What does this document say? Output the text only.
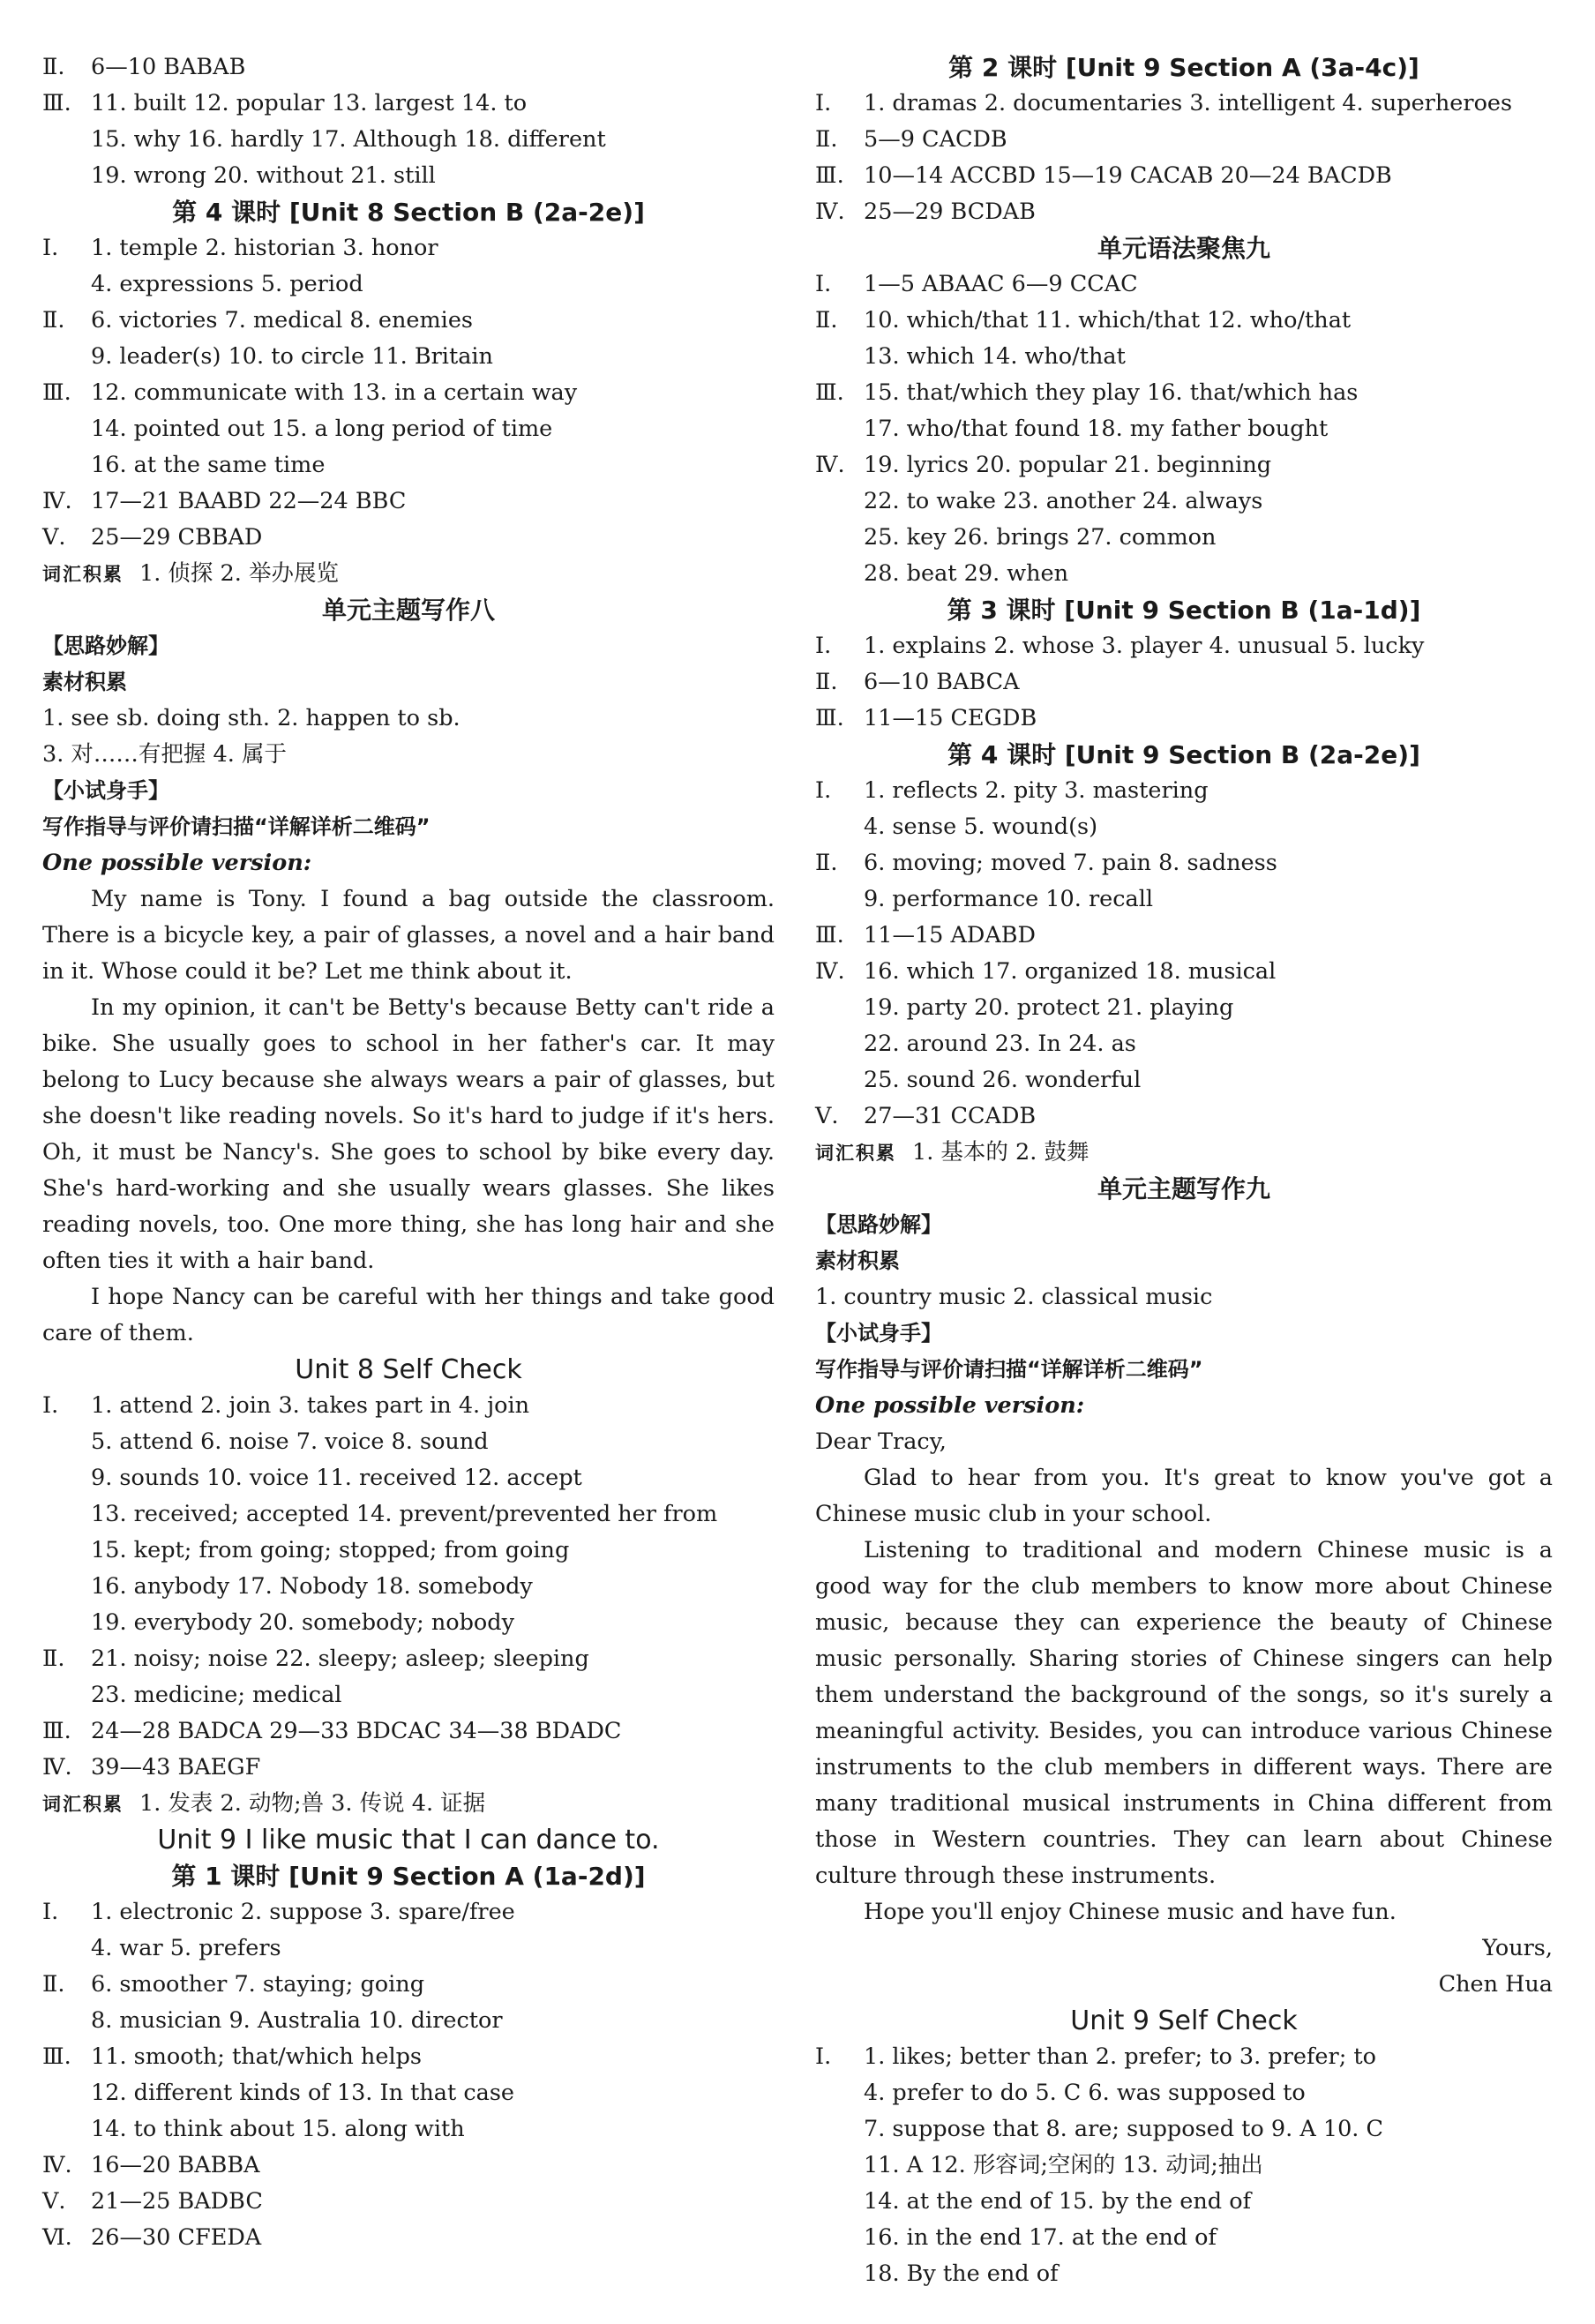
Ⅱ. 6—10 BABAB
Ⅲ. 11. built 12. popular 13. largest 14. to
15. why 16. hardly 17. Although 18. different
19. wrong 20. without 21. still
第 4 课时 [Unit 8 Section B (2a-2e)]
Ⅰ. 1. temple 2. historian 3. honor
4. expressions 5. period
Ⅱ. 6. victories 7. medical 8. enemies
9. leader(s) 10. to circle 11. Britain
Ⅲ. 12. communicate with 13. in a certain way
14. pointed out 15. a long period of time
16. at the same time
Ⅳ. 17—21 BAABD 22—24 BBC
Ⅴ. 25—29 CBBAD
词汇积累 1. 侦探 2. 举办展览
单元主题写作八
【思路妙解】
素材积累
1. see sb. doing sth. 2. happen to sb.
3. 对……有把握 4. 属于
【小试身手】
写作指导与评价请扫描“详解详析二维码”
One possible version:

My name is Tony. I found a bag outside the classroom. There is a bicycle key, a pair of glasses, a novel and a hair band in it. Whose could it be? Let me think about it.

In my opinion, it can't be Betty's because Betty can't ride a bike. She usually goes to school in her father's car. It may belong to Lucy because she always wears a pair of glasses, but she doesn't like reading novels. So it's hard to judge if it's hers. Oh, it must be Nancy's. She goes to school by bike every day. She's hard-working and she usually wears glasses. She likes reading novels, too. One more thing, she has long hair and she often ties it with a hair band.

I hope Nancy can be careful with her things and take good care of them.

Unit 8 Self Check
Ⅰ. 1. attend 2. join 3. takes part in 4. join
5. attend 6. noise 7. voice 8. sound
9. sounds 10. voice 11. received 12. accept
13. received; accepted 14. prevent/prevented her from
15. kept; from going; stopped; from going
16. anybody 17. Nobody 18. somebody
19. everybody 20. somebody; nobody
Ⅱ. 21. noisy; noise 22. sleepy; asleep; sleeping
23. medicine; medical
Ⅲ. 24—28 BADCA 29—33 BDCAC 34—38 BDADC
Ⅳ. 39—43 BAEGF
词汇积累 1. 发表 2. 动物;兽 3. 传说 4. 证据
Unit 9 I like music that I can dance to.
第 1 课时 [Unit 9 Section A (1a-2d)]
Ⅰ. 1. electronic 2. suppose 3. spare/free
4. war 5. prefers
Ⅱ. 6. smoother 7. staying; going
8. musician 9. Australia 10. director
Ⅲ. 11. smooth; that/which helps
12. different kinds of 13. In that case
14. to think about 15. along with
Ⅳ. 16—20 BABBA
Ⅴ. 21—25 BADBC
Ⅵ. 26—30 CFEDA
第 2 课时 [Unit 9 Section A (3a-4c)]
Ⅰ. 1. dramas 2. documentaries 3. intelligent 4. superheroes
Ⅱ. 5—9 CACDB
Ⅲ. 10—14 ACCBD 15—19 CACAB 20—24 BACDB
Ⅳ. 25—29 BCDAB
单元语法聚焦九
Ⅰ. 1—5 ABAAC 6—9 CCAC
Ⅱ. 10. which/that 11. which/that 12. who/that
13. which 14. who/that
Ⅲ. 15. that/which they play 16. that/which has
17. who/that found 18. my father bought
Ⅳ. 19. lyrics 20. popular 21. beginning
22. to wake 23. another 24. always
25. key 26. brings 27. common
28. beat 29. when
第 3 课时 [Unit 9 Section B (1a-1d)]
Ⅰ. 1. explains 2. whose 3. player 4. unusual 5. lucky
Ⅱ. 6—10 BABCA
Ⅲ. 11—15 CEGDB
第 4 课时 [Unit 9 Section B (2a-2e)]
Ⅰ. 1. reflects 2. pity 3. mastering
4. sense 5. wound(s)
Ⅱ. 6. moving; moved 7. pain 8. sadness
9. performance 10. recall
Ⅲ. 11—15 ADABD
Ⅳ. 16. which 17. organized 18. musical
19. party 20. protect 21. playing
22. around 23. In 24. as
25. sound 26. wonderful
Ⅴ. 27—31 CCADB
词汇积累 1. 基本的 2. 鼓舞
单元主题写作九
【思路妙解】
素材积累
1. country music 2. classical music
【小试身手】
写作指导与评价请扫描“详解详析二维码”
One possible version:
Dear Tracy,

Glad to hear from you. It's great to know you've got a Chinese music club in your school.

Listening to traditional and modern Chinese music is a good way for the club members to know more about Chinese music, because they can experience the beauty of Chinese music personally. Sharing stories of Chinese singers can help them understand the background of the songs, so it's surely a meaningful activity. Besides, you can introduce various Chinese instruments to the club members in different ways. There are many traditional musical instruments in China different from those in Western countries. They can learn about Chinese culture through these instruments.

Hope you'll enjoy Chinese music and have fun.

Yours,
Chen Hua
Unit 9 Self Check
Ⅰ. 1. likes; better than 2. prefer; to 3. prefer; to
4. prefer to do 5. C 6. was supposed to
7. suppose that 8. are; supposed to 9. A 10. C
11. A 12. 形容词;空闲的 13. 动词;抽出
14. at the end of 15. by the end of
16. in the end 17. at the end of
18. By the end of
